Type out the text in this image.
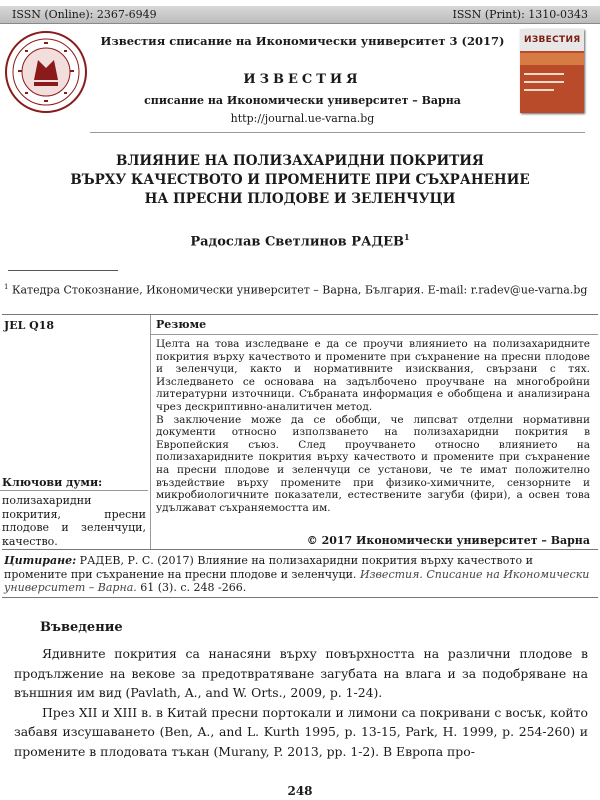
ISSN (Online): 2367-6949	ISSN (Print): 1310-0343
Известия списание на Икономически университет 3 (2017)
ИЗВЕСТИЯ
списание на Икономически университет – Варна
http://journal.ue-varna.bg
ИЗВЕСТИЯ
ВЛИЯНИЕ НА ПОЛИЗАХАРИДНИ ПОКРИТИЯ
ВЪРХУ КАЧЕСТВОТО И ПРОМЕНИТЕ ПРИ СЪХРАНЕНИЕ
НА ПРЕСНИ ПЛОДОВЕ И ЗЕЛЕНЧУЦИ
Радослав Светлинов РАДЕВ$^1$
$^1$ Катедра Стокознание, Икономически университет – Варна, България. E-mail: r.radev@ue-varna.bg
JEL Q18	Резюме

Целта на това изследване е да се проучи влиянието на полизахаридните покрития върху качеството и промените при съхранение на пресни плодове и зеленчуци, както и нормативните изисквания, свързани с тях. Изследването се основава на задълбочено проучване на многобройни литературни източници. Събраната информация е обобщена и анализирана чрез дескриптивно-аналитичен метод.

В заключение може да се обобщи, че липсват отделни нормативни документи относно използването на полизахаридни покрития в Европейския съюз. След проучването относно влиянието на полизахаридните покрития върху качеството и промените при съхранение на пресни плодове и зеленчуци се установи, че те имат положително въздействие върху промените при физико-химичните, сензорните и микробиологичните показатели, естествените загуби (фири), а освен това удължават съхраняемостта им.

Ключови думи:
полизахаридни покрития, пресни плодове и зеленчуци, качество.	© 2017 Икономически университет – Варна
Цитиране: РАДЕВ, Р. С. (2017) Влияние на полизахаридни покрития върху качеството и промените при съхранение на пресни плодове и зеленчуци. Известия. Списание на Икономически университет – Варна. 61 (3). с. 248 -266.
Въведение

Ядивните покрития са нанасяни върху повърхността на различни плодове в продължение на векове за предотвратяване загубата на влага и за подобряване на външния им вид (Pavlath, A., and W. Orts., 2009, p. 1-24).

През XII и XIII в. в Китай пресни портокали и лимони са покривани с восък, който забавя изсушаването (Ben, A., and L. Kurth 1995, p. 13-15, Park, H. 1999, p. 254-260) и промените в плодовата тъкан (Murany, P. 2013, pp. 1-2). В Европа про-

248
